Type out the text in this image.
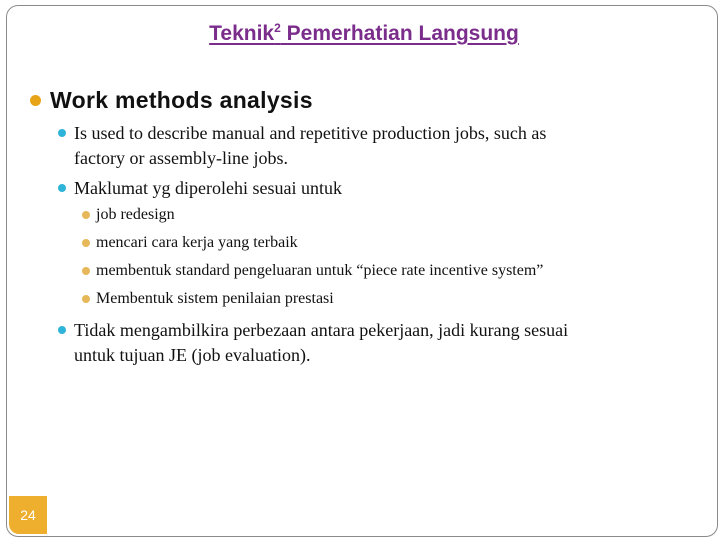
Teknik$^2$ Pemerhatian Langsung
Work methods analysis
Is used to describe manual and repetitive production jobs, such as
factory or assembly-line jobs.
Maklumat yg diperolehi sesuai untuk
job redesign
mencari cara kerja yang terbaik
membentuk standard pengeluaran untuk “piece rate incentive system”
Membentuk sistem penilaian prestasi
Tidak mengambilkira perbezaan antara pekerjaan, jadi kurang sesuai
untuk tujuan JE (job evaluation).
24
